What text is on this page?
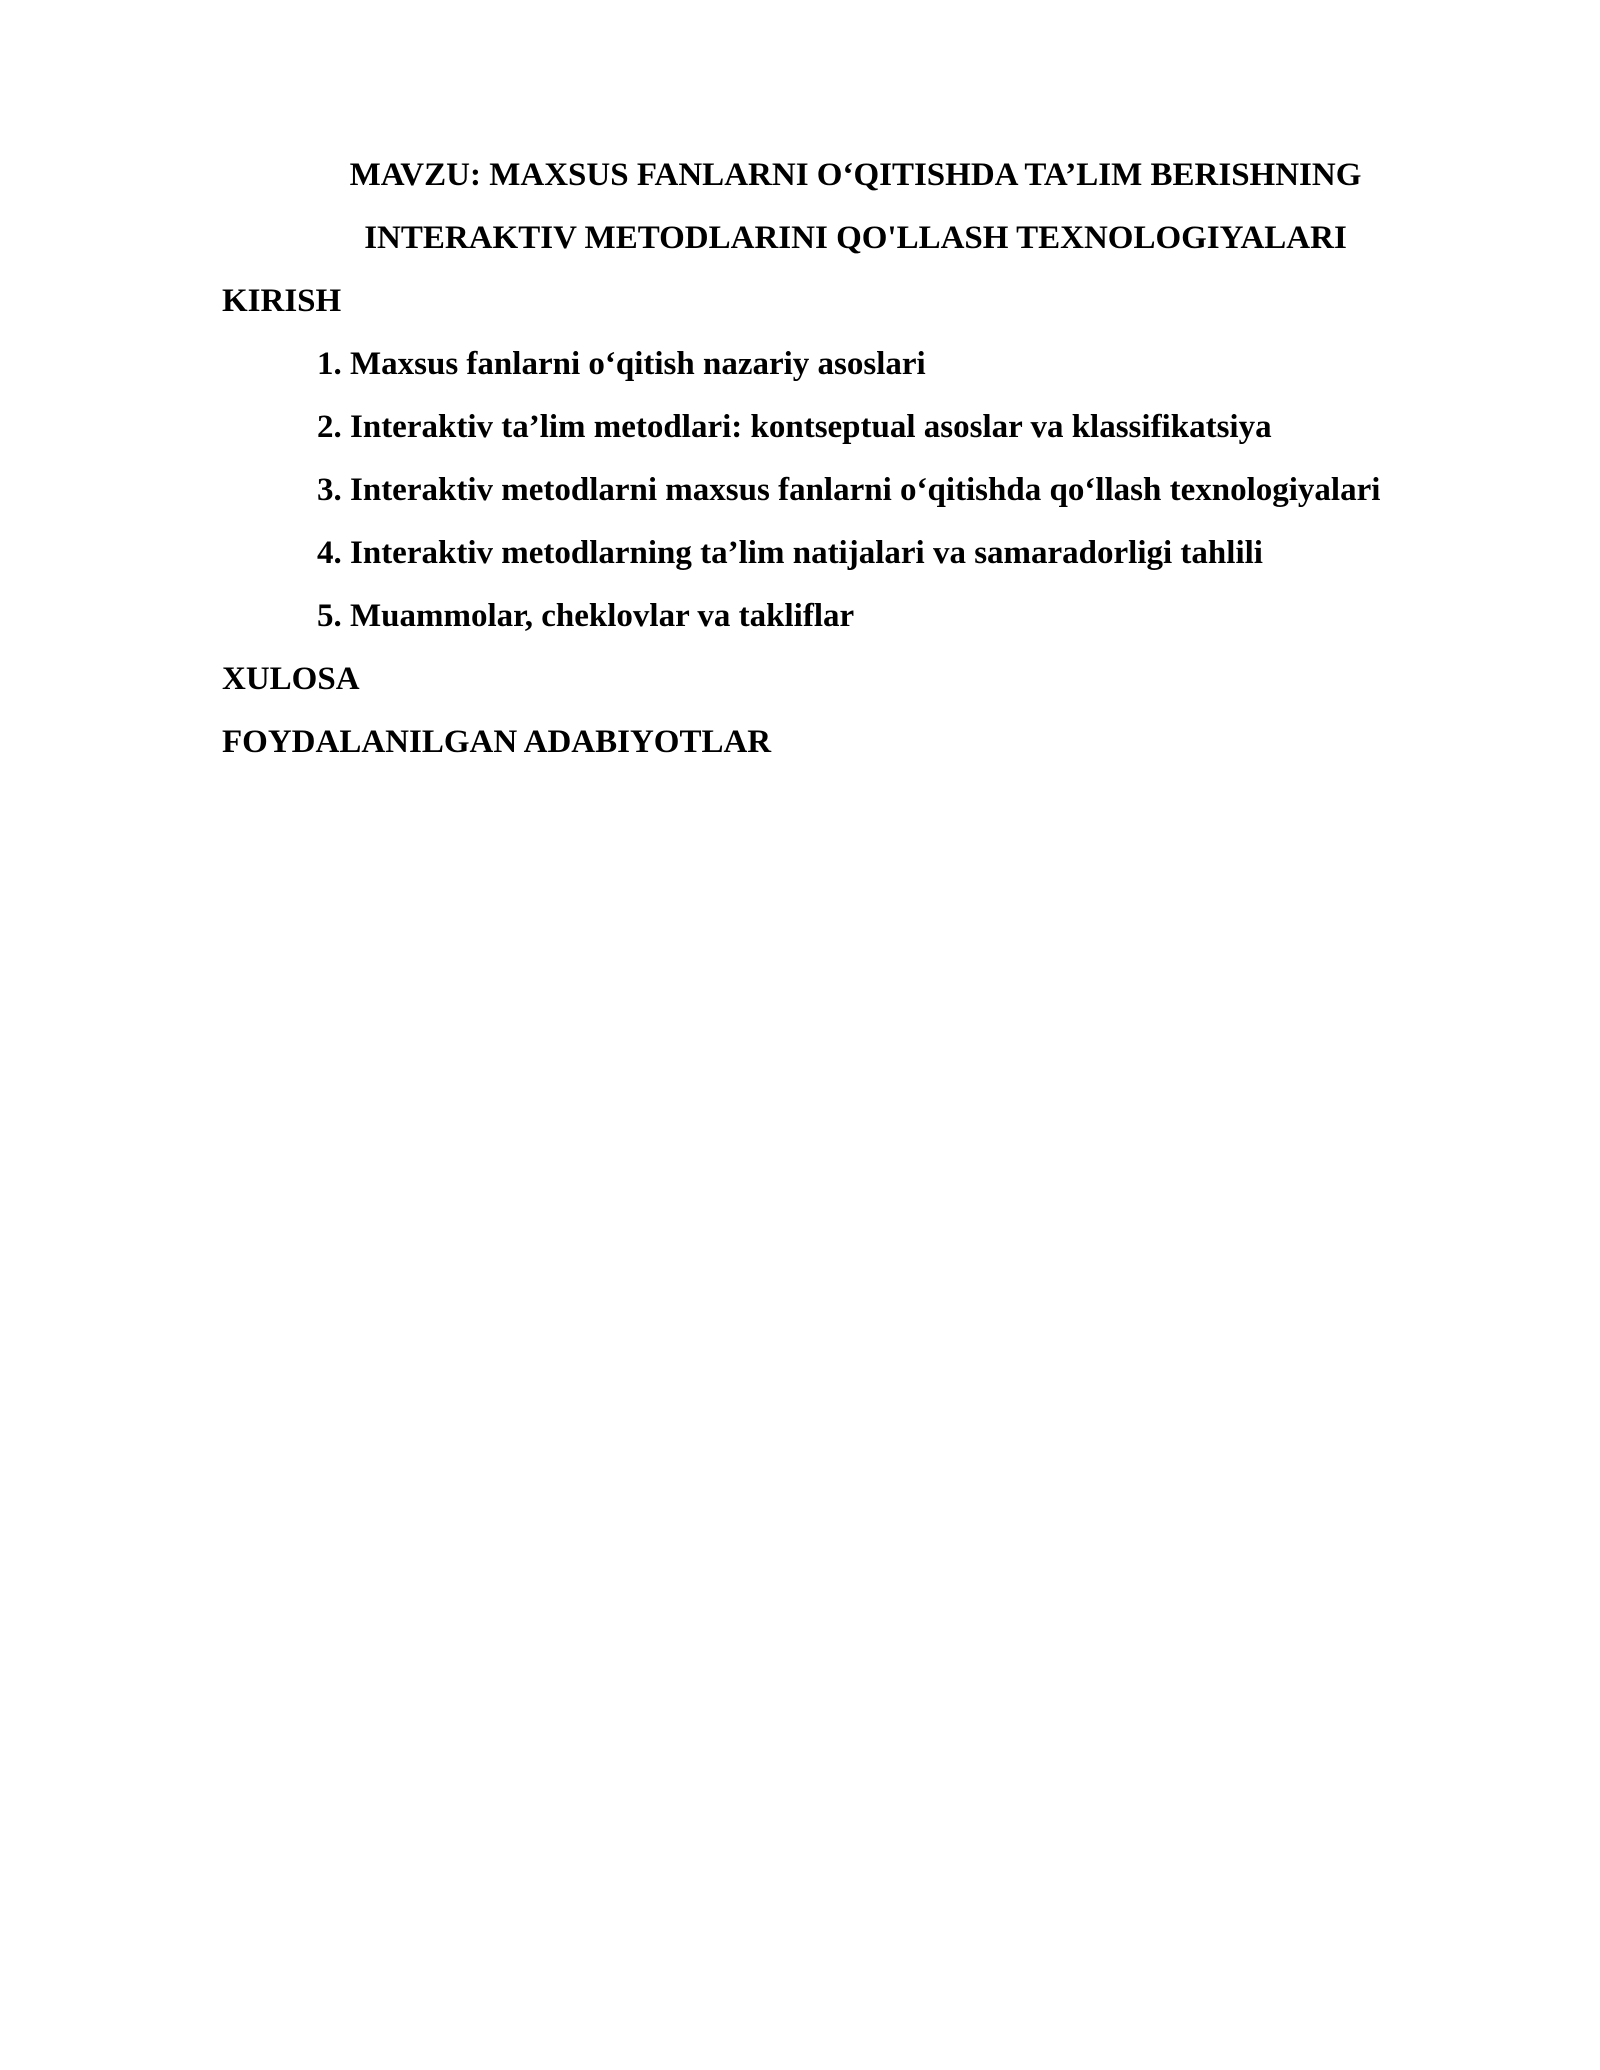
MAVZU: MAXSUS FANLARNI O‘QITISHDA TA’LIM BERISHNING
INTERAKTIV METODLARINI QO'LLASH TEXNOLOGIYALARI
KIRISH
1. Maxsus fanlarni o‘qitish nazariy asoslari
2. Interaktiv ta’lim metodlari: kontseptual asoslar va klassifikatsiya
3. Interaktiv metodlarni maxsus fanlarni o‘qitishda qo‘llash texnologiyalari
4. Interaktiv metodlarning ta’lim natijalari va samaradorligi tahlili
5. Muammolar, cheklovlar va takliflar
XULOSA
FOYDALANILGAN ADABIYOTLAR
